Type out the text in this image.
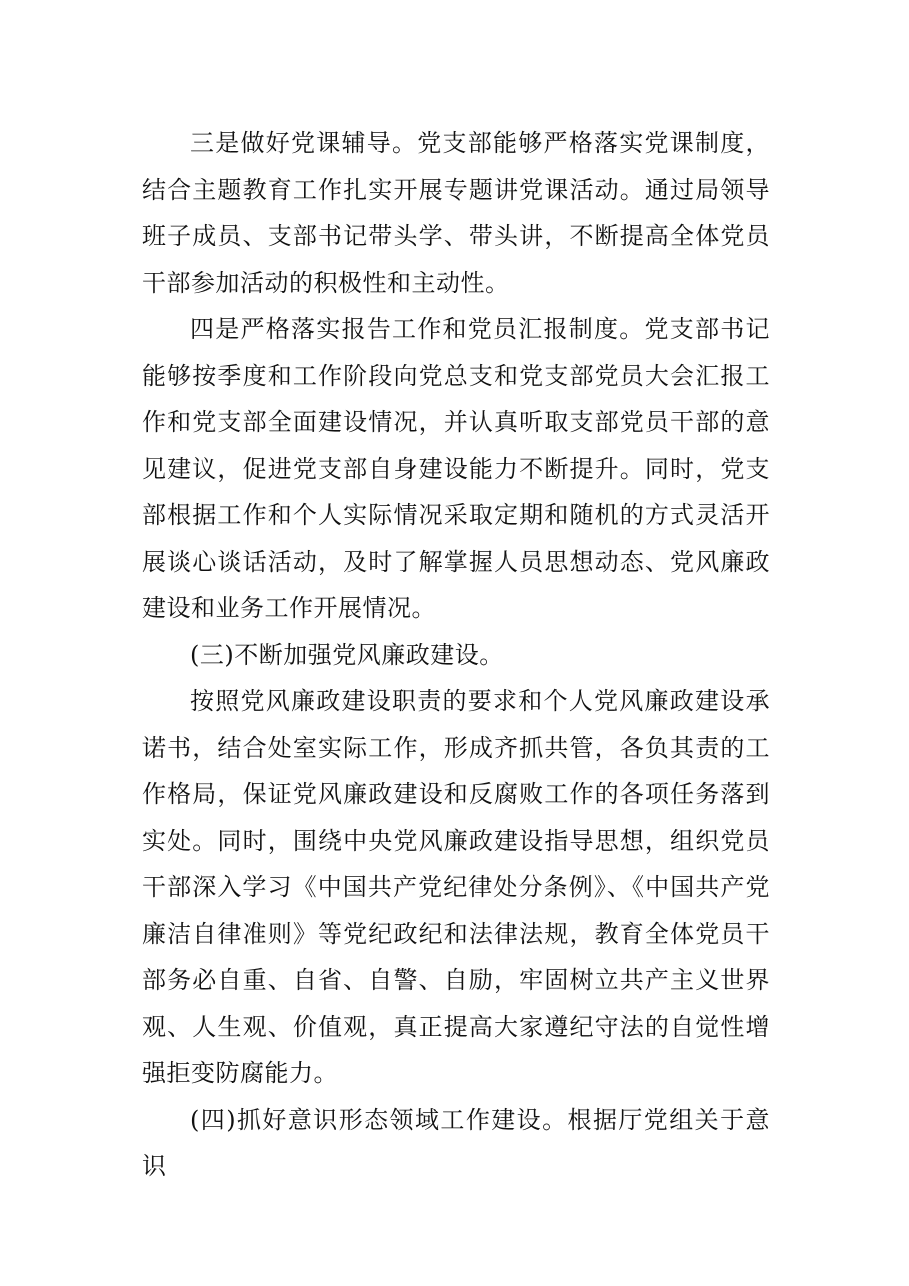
三是做好党课辅导。党支部能够严格落实党课制度，结合主题教育工作扎实开展专题讲党课活动。通过局领导班子成员、支部书记带头学、带头讲，不断提高全体党员干部参加活动的积极性和主动性。

四是严格落实报告工作和党员汇报制度。党支部书记能够按季度和工作阶段向党总支和党支部党员大会汇报工作和党支部全面建设情况，并认真听取支部党员干部的意见建议，促进党支部自身建设能力不断提升。同时，党支部根据工作和个人实际情况采取定期和随机的方式灵活开展谈心谈话活动，及时了解掌握人员思想动态、党风廉政建设和业务工作开展情况。

(三)不断加强党风廉政建设。

按照党风廉政建设职责的要求和个人党风廉政建设承诺书，结合处室实际工作，形成齐抓共管，各负其责的工作格局，保证党风廉政建设和反腐败工作的各项任务落到实处。同时，围绕中央党风廉政建设指导思想，组织党员干部深入学习《中国共产党纪律处分条例》、《中国共产党廉洁自律准则》等党纪政纪和法律法规，教育全体党员干部务必自重、自省、自警、自励，牢固树立共产主义世界观、人生观、价值观，真正提高大家遵纪守法的自觉性增强拒变防腐能力。

(四)抓好意识形态领域工作建设。根据厅党组关于意识
